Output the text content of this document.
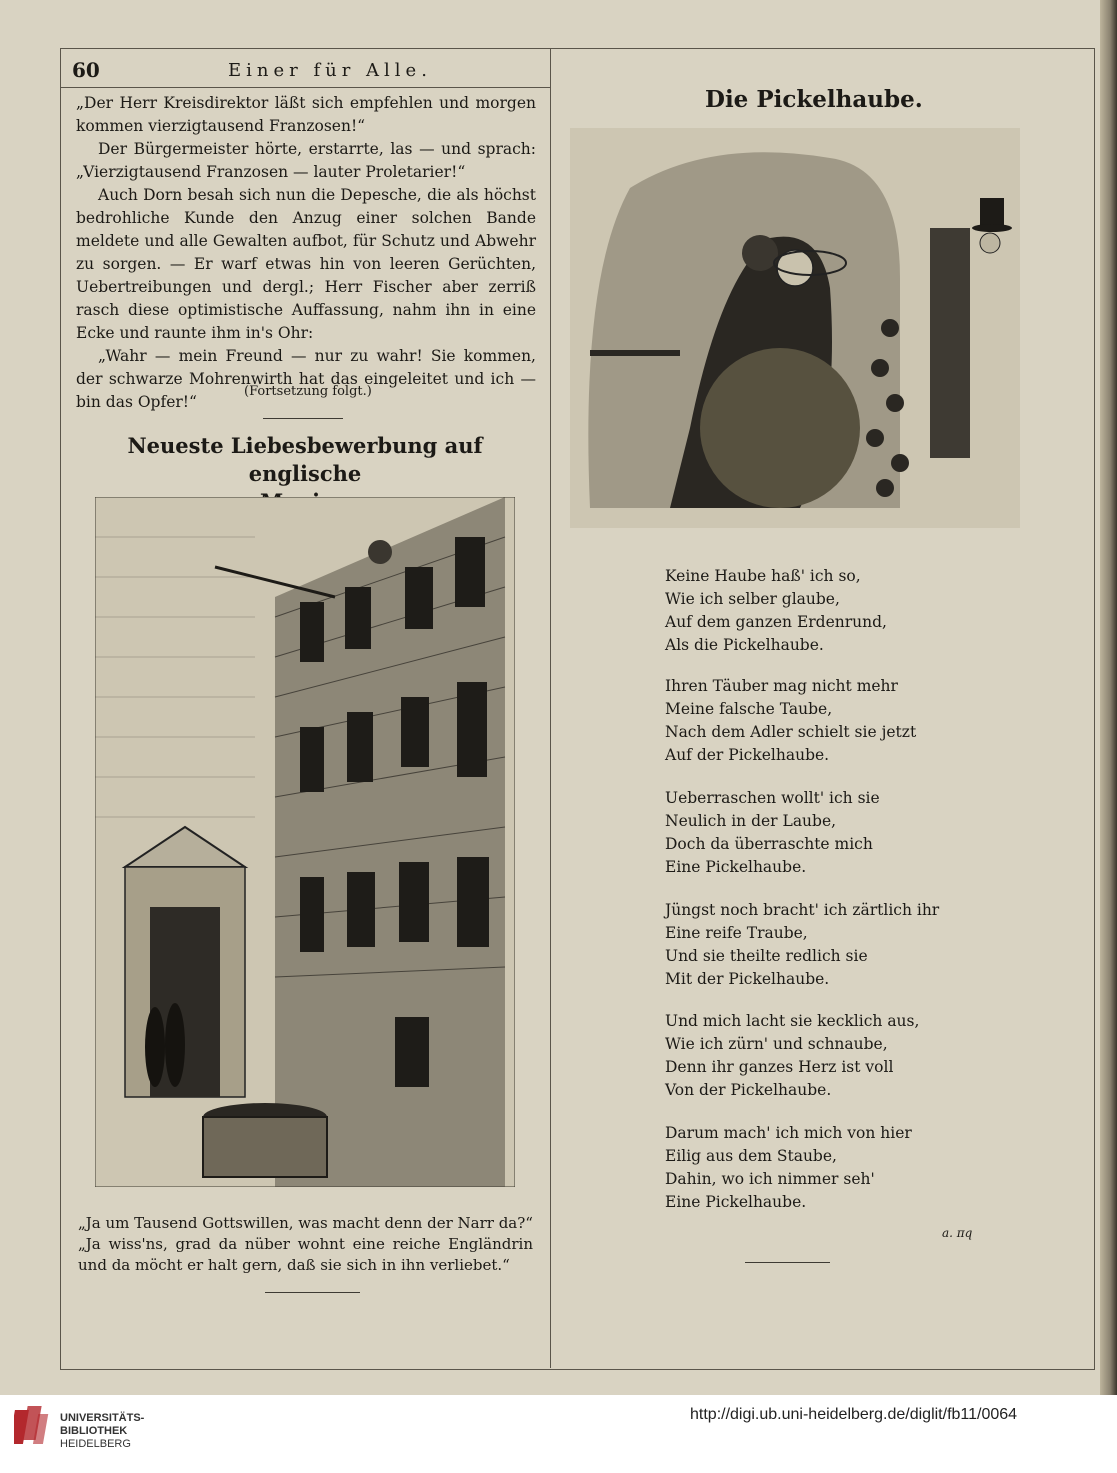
60	Einer für Alle.

„Der Herr Kreisdirektor läßt sich empfehlen und morgen kommen vierzigtausend Franzosen!“

Der Bürgermeister hörte, erstarrte, las — und sprach: „Vierzigtausend Franzosen — lauter Proletarier!“

Auch Dorn besah sich nun die Depesche, die als höchst bedrohliche Kunde den Anzug einer solchen Bande meldete und alle Gewalten aufbot, für Schutz und Abwehr zu sorgen. — Er warf etwas hin von leeren Gerüchten, Uebertreibungen und dergl.; Herr Fischer aber zerriß rasch diese optimistische Auffassung, nahm ihn in eine Ecke und raunte ihm in's Ohr:

„Wahr — mein Freund — nur zu wahr! Sie kommen, der schwarze Mohrenwirth hat das eingeleitet und ich — bin das Opfer!“

(Fortsetzung folgt.)
Neueste Liebesbewerbung auf englische

„Ja um Tausend Gottswillen, was macht denn der Narr da?“

„Ja wiss'ns, grad da nüber wohnt eine reiche Engländrin und da möcht er halt gern, daß sie sich in ihn verliebet.“

Die Pickelhaube.
Keine Haube haß' ich so,
Wie ich selber glaube,
Auf dem ganzen Erdenrund,
Als die Pickelhaube.
Ihren Täuber mag nicht mehr
Meine falsche Taube,
Nach dem Adler schielt sie jetzt
Auf der Pickelhaube.
Ueberraschen wollt' ich sie
Neulich in der Laube,
Doch da überraschte mich
Eine Pickelhaube.
Jüngst noch bracht' ich zärtlich ihr
Eine reife Traube,
Und sie theilte redlich sie
Mit der Pickelhaube.
Und mich lacht sie kecklich aus,
Wie ich zürn' und schnaube,
Denn ihr ganzes Herz ist voll
Von der Pickelhaube.
Darum mach' ich mich von hier
Eilig aus dem Staube,
Dahin, wo ich nimmer seh'
Eine Pickelhaube.
a. πq
UNIVERSITÄTS-
BIBLIOTHEK
HEIDELBERG
http://digi.ub.uni-heidelberg.de/diglit/fb11/0064
